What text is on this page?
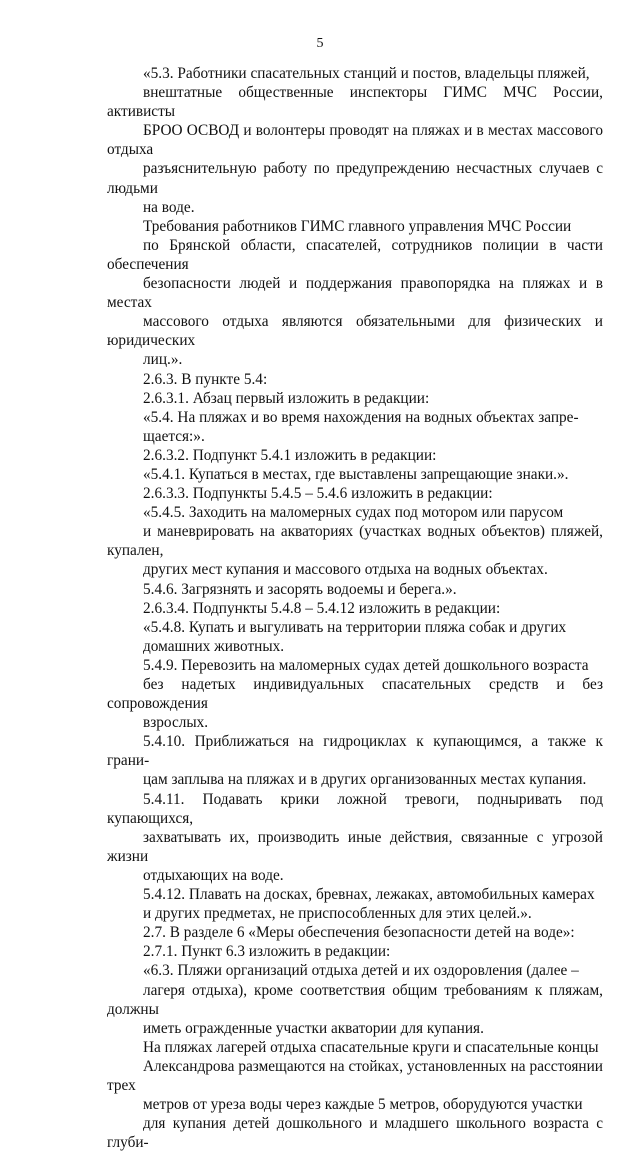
5

«5.3. Работники спасательных станций и постов, владельцы пляжей,
внештатные общественные инспекторы ГИМС МЧС России, активисты
БРОО ОСВОД и волонтеры проводят на пляжах и в местах массового отдыха
разъяснительную работу по предупреждению несчастных случаев с людьми
на воде.

Требования работников ГИМС главного управления МЧС России
по Брянской области, спасателей, сотрудников полиции в части обеспечения
безопасности людей и поддержания правопорядка на пляжах и в местах
массового отдыха являются обязательными для физических и юридических
лиц.».

2.6.3. В пункте 5.4:

2.6.3.1. Абзац первый изложить в редакции:

«5.4. На пляжах и во время нахождения на водных объектах запре-
щается:».

2.6.3.2. Подпункт 5.4.1 изложить в редакции:

«5.4.1. Купаться в местах, где выставлены запрещающие знаки.».

2.6.3.3. Подпункты 5.4.5 – 5.4.6 изложить в редакции:

«5.4.5. Заходить на маломерных судах под мотором или парусом
и маневрировать на акваториях (участках водных объектов) пляжей, купален,
других мест купания и массового отдыха на водных объектах.

5.4.6. Загрязнять и засорять водоемы и берега.».

2.6.3.4. Подпункты 5.4.8 – 5.4.12 изложить в редакции:

«5.4.8. Купать и выгуливать на территории пляжа собак и других
домашних животных.

5.4.9. Перевозить на маломерных судах детей дошкольного возраста
без надетых индивидуальных спасательных средств и без сопровождения
взрослых.

5.4.10. Приближаться на гидроциклах к купающимся, а также к грани-
цам заплыва на пляжах и в других организованных местах купания.

5.4.11. Подавать крики ложной тревоги, подныривать под купающихся,
захватывать их, производить иные действия, связанные с угрозой жизни
отдыхающих на воде.

5.4.12. Плавать на досках, бревнах, лежаках, автомобильных камерах
и других предметах, не приспособленных для этих целей.».

2.7. В разделе 6 «Меры обеспечения безопасности детей на воде»:

2.7.1. Пункт 6.3 изложить в редакции:

«6.3. Пляжи организаций отдыха детей и их оздоровления (далее –
лагеря отдыха), кроме соответствия общим требованиям к пляжам, должны
иметь огражденные участки акватории для купания.

На пляжах лагерей отдыха спасательные круги и спасательные концы
Александрова размещаются на стойках, установленных на расстоянии трех
метров от уреза воды через каждые 5 метров, оборудуются участки
для купания детей дошкольного и младшего школьного возраста с глуби-
